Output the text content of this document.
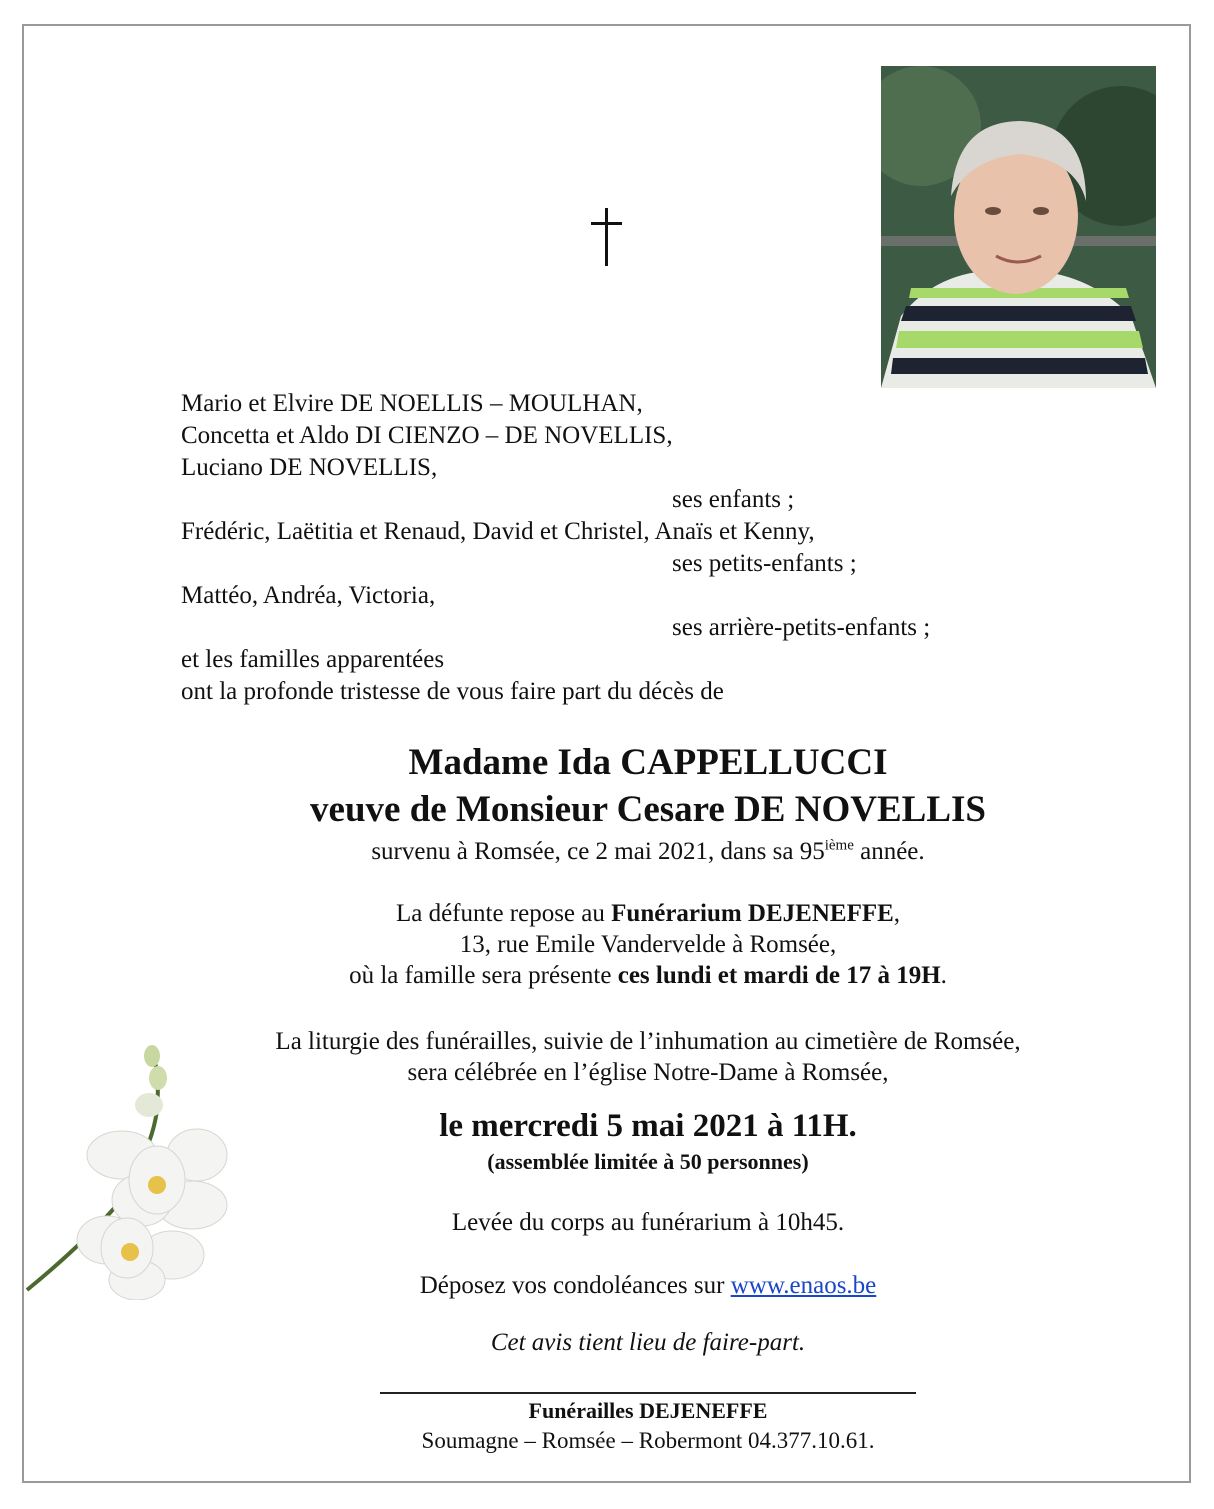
Mario et Elvire DE NOELLIS – MOULHAN,
Concetta et Aldo DI CIENZO – DE NOVELLIS,
Luciano DE NOVELLIS,
ses enfants ;
Frédéric, Laëtitia et Renaud, David et Christel, Anaïs et Kenny,
ses petits-enfants ;
Mattéo, Andréa, Victoria,
ses arrière-petits-enfants ;
et les familles apparentées
ont la profonde tristesse de vous faire part du décès de
Madame Ida CAPPELLUCCI
veuve de Monsieur Cesare DE NOVELLIS
survenu à Romsée, ce 2 mai 2021, dans sa 95ième année.
La défunte repose au Funérarium DEJENEFFE,
13, rue Emile Vandervelde à Romsée,
où la famille sera présente ces lundi et mardi de 17 à 19H.
La liturgie des funérailles, suivie de l’inhumation au cimetière de Romsée,
sera célébrée en l’église Notre-Dame à Romsée,
le mercredi 5 mai 2021 à 11H.
(assemblée limitée à 50 personnes)
Levée du corps au funérarium à 10h45.
Déposez vos condoléances sur www.enaos.be
Cet avis tient lieu de faire-part.
Funérailles DEJENEFFE
Soumagne – Romsée – Robermont 04.377.10.61.
